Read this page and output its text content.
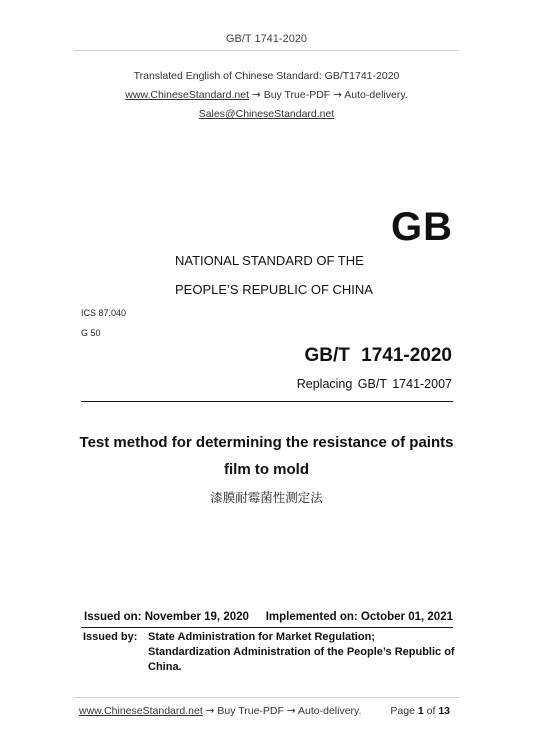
GB/T 1741-2020
Translated English of Chinese Standard: GB/T1741-2020
www.ChineseStandard.net → Buy True-PDF → Auto-delivery.
Sales@ChineseStandard.net
GB
NATIONAL STANDARD OF THE
PEOPLE’S REPUBLIC OF CHINA
ICS 87.040
G 50
GB/T 1741-2020
Replacing GB/T 1741-2007
Test method for determining the resistance of paints
film to mold
漆膜耐霉菌性测定法
Issued on: November 19, 2020 Implemented on: October 01, 2021
Issued by: State Administration for Market Regulation;
Standardization Administration of the People’s Republic of
China.
www.ChineseStandard.net → Buy True-PDF → Auto-delivery.	Page 1 of 13
